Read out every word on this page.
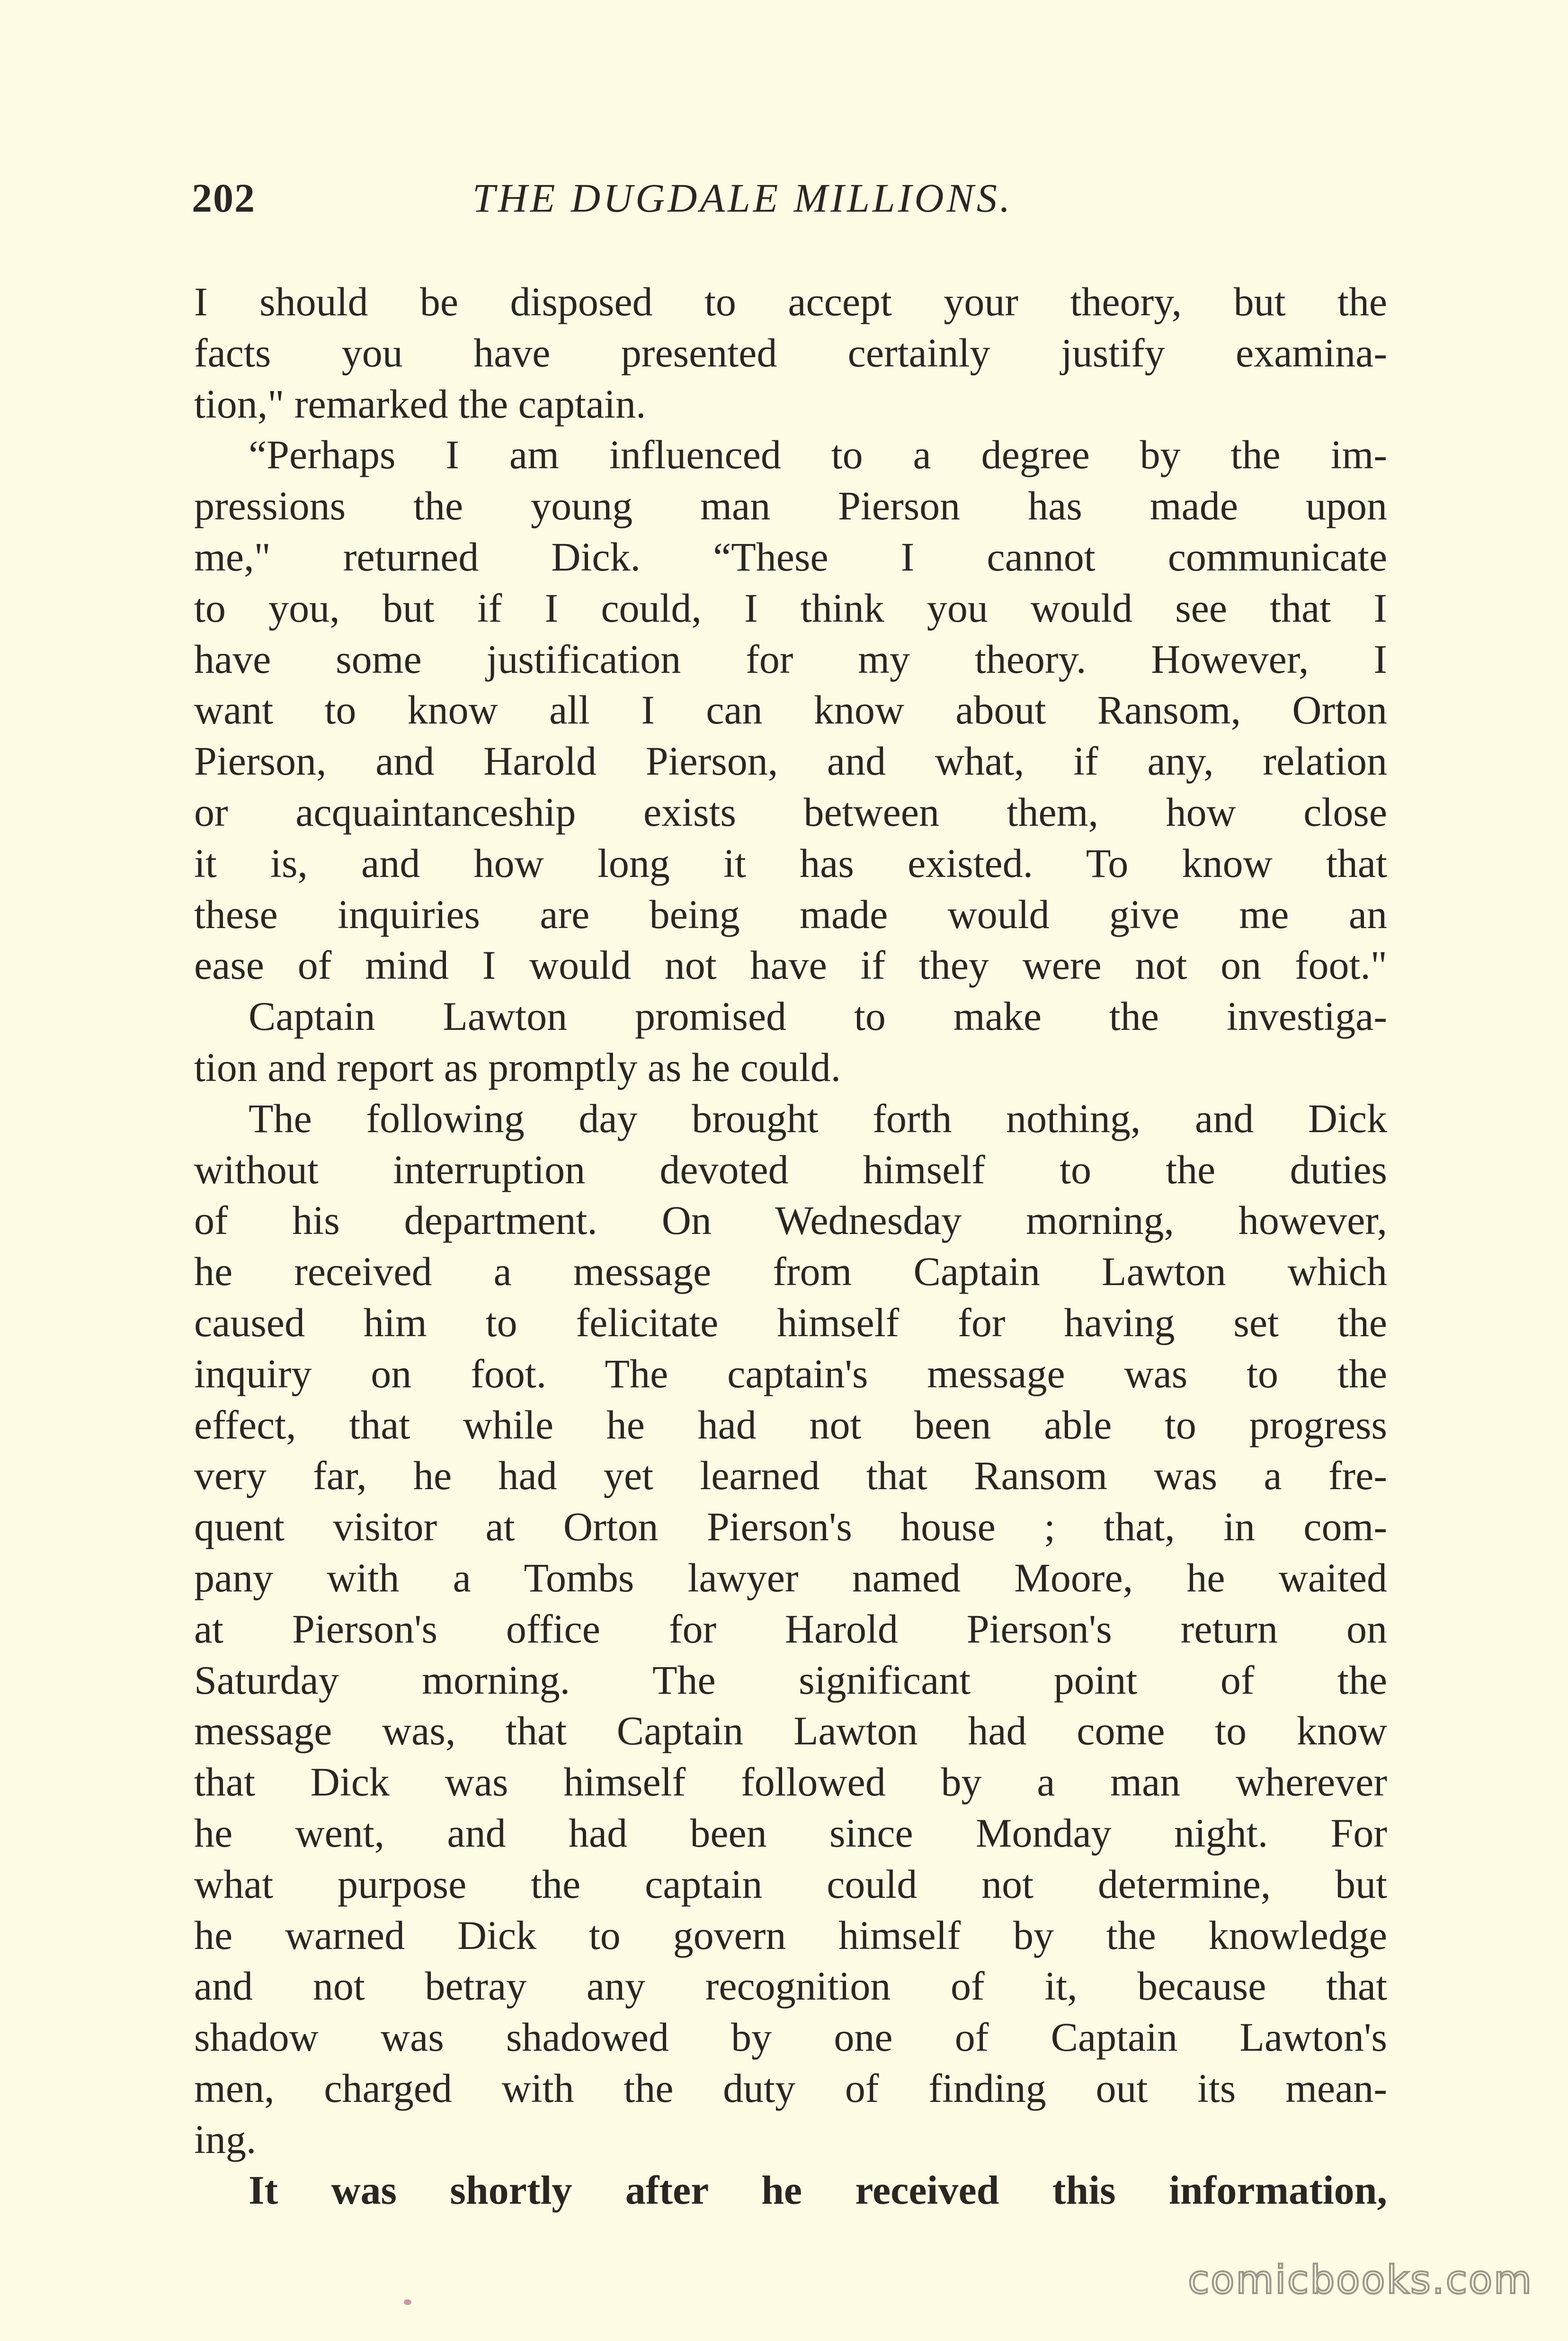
202	THE DUGDALE MILLIONS.
I should be disposed to accept your theory, but the
facts you have presented certainly justify examina-
tion," remarked the captain.
“Perhaps I am influenced to a degree by the im-
pressions the young man Pierson has made upon
me," returned Dick. “These I cannot communicate
to you, but if I could, I think you would see that I
have some justification for my theory. However, I
want to know all I can know about Ransom, Orton
Pierson, and Harold Pierson, and what, if any, relation
or acquaintanceship exists between them, how close
it is, and how long it has existed. To know that
these inquiries are being made would give me an
ease of mind I would not have if they were not on foot."
Captain Lawton promised to make the investiga-
tion and report as promptly as he could.
The following day brought forth nothing, and Dick
without interruption devoted himself to the duties
of his department. On Wednesday morning, however,
he received a message from Captain Lawton which
caused him to felicitate himself for having set the
inquiry on foot. The captain's message was to the
effect, that while he had not been able to progress
very far, he had yet learned that Ransom was a fre-
quent visitor at Orton Pierson's house ; that, in com-
pany with a Tombs lawyer named Moore, he waited
at Pierson's office for Harold Pierson's return on
Saturday morning. The significant point of the
message was, that Captain Lawton had come to know
that Dick was himself followed by a man wherever
he went, and had been since Monday night. For
what purpose the captain could not determine, but
he warned Dick to govern himself by the knowledge
and not betray any recognition of it, because that
shadow was shadowed by one of Captain Lawton's
men, charged with the duty of finding out its mean-
ing.
It was shortly after he received this information,
comicbooks.com
